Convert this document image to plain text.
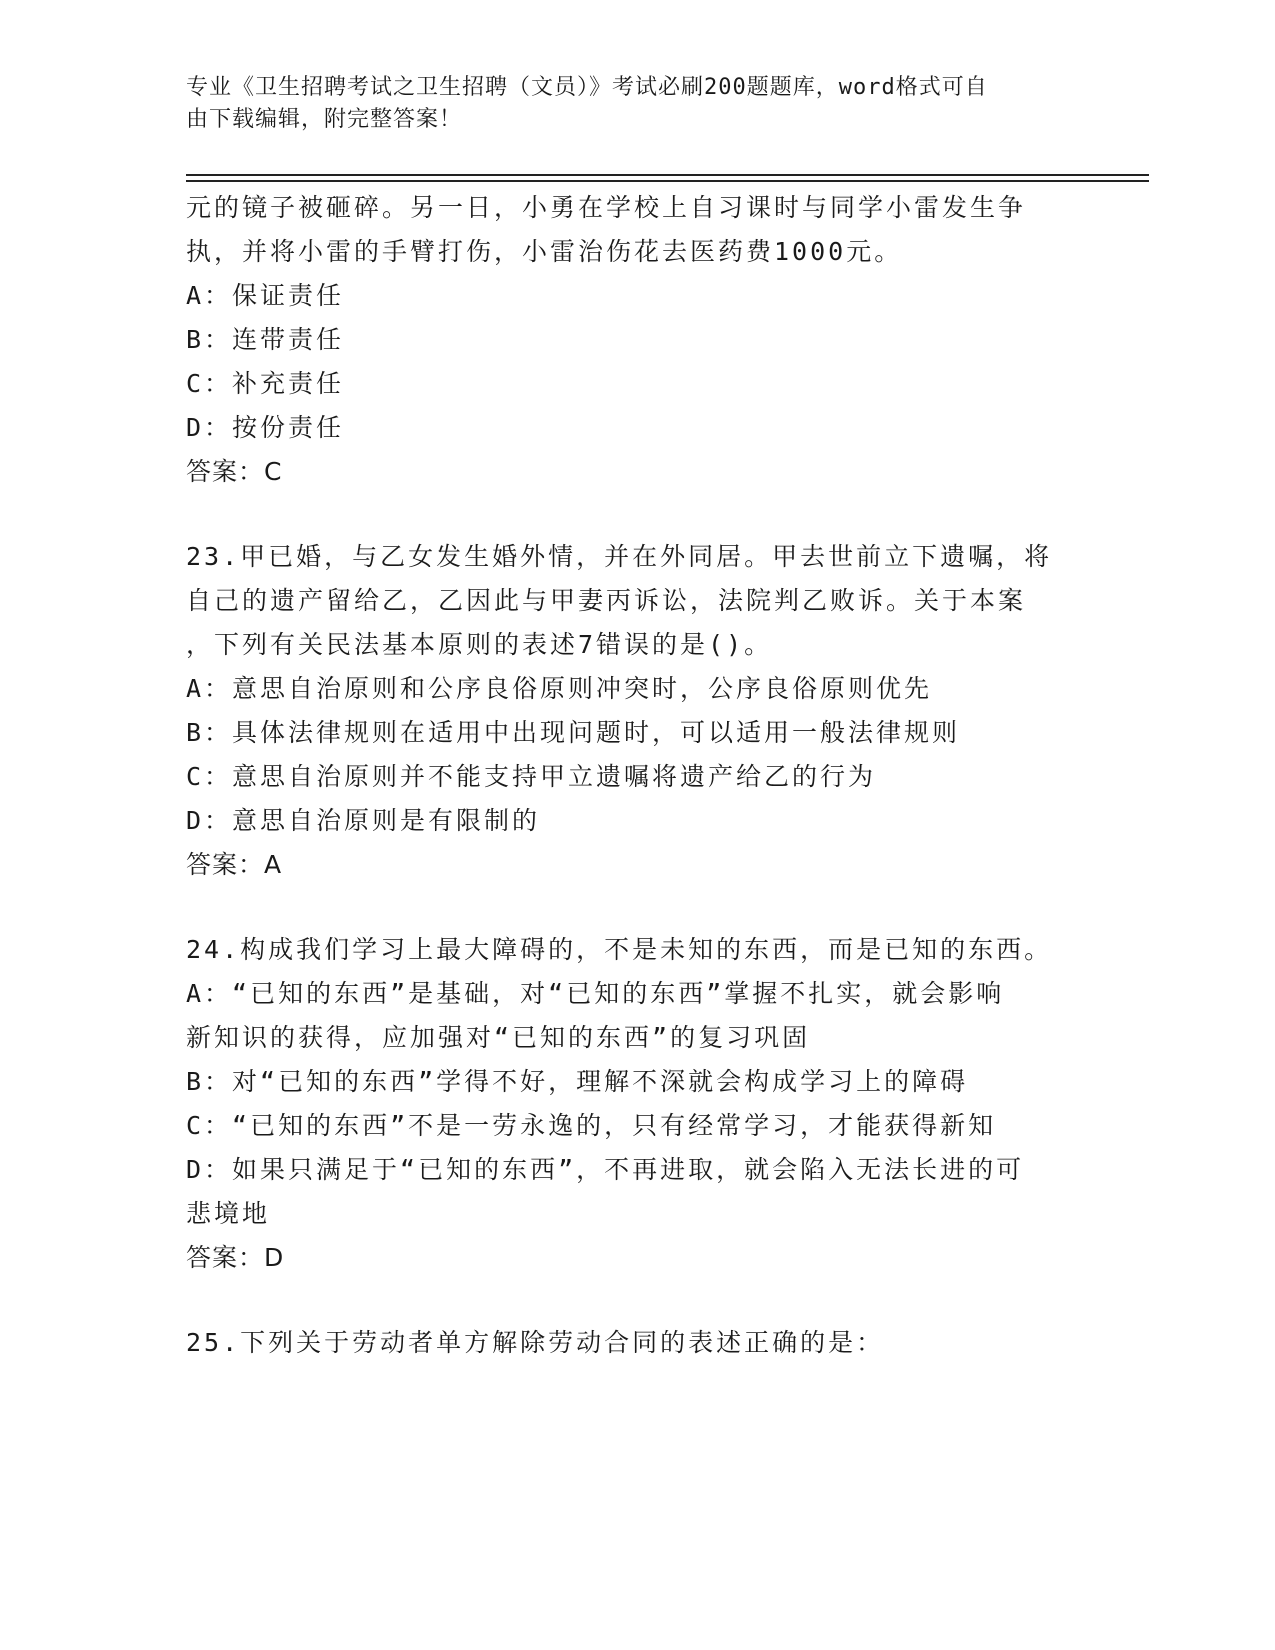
专业《卫生招聘考试之卫生招聘（文员）》考试必刷200题题库，word格式可自
由下载编辑，附完整答案！
元的镜子被砸碎。另一日，小勇在学校上自习课时与同学小雷发生争
执，并将小雷的手臂打伤，小雷治伤花去医药费1000元。
A：保证责任
B：连带责任
C：补充责任
D：按份责任
答案：C
23.甲已婚，与乙女发生婚外情，并在外同居。甲去世前立下遗嘱，将
自己的遗产留给乙，乙因此与甲妻丙诉讼，法院判乙败诉。关于本案
，下列有关民法基本原则的表述7错误的是()。
A：意思自治原则和公序良俗原则冲突时，公序良俗原则优先
B：具体法律规则在适用中出现问题时，可以适用一般法律规则
C：意思自治原则并不能支持甲立遗嘱将遗产给乙的行为
D：意思自治原则是有限制的
答案：A
24.构成我们学习上最大障碍的，不是未知的东西，而是已知的东西。
A：“已知的东西”是基础，对“已知的东西”掌握不扎实，就会影响
新知识的获得，应加强对“已知的东西”的复习巩固
B：对“已知的东西”学得不好，理解不深就会构成学习上的障碍
C：“已知的东西”不是一劳永逸的，只有经常学习，才能获得新知
D：如果只满足于“已知的东西”，不再进取，就会陷入无法长进的可
悲境地
答案：D
25.下列关于劳动者单方解除劳动合同的表述正确的是：
